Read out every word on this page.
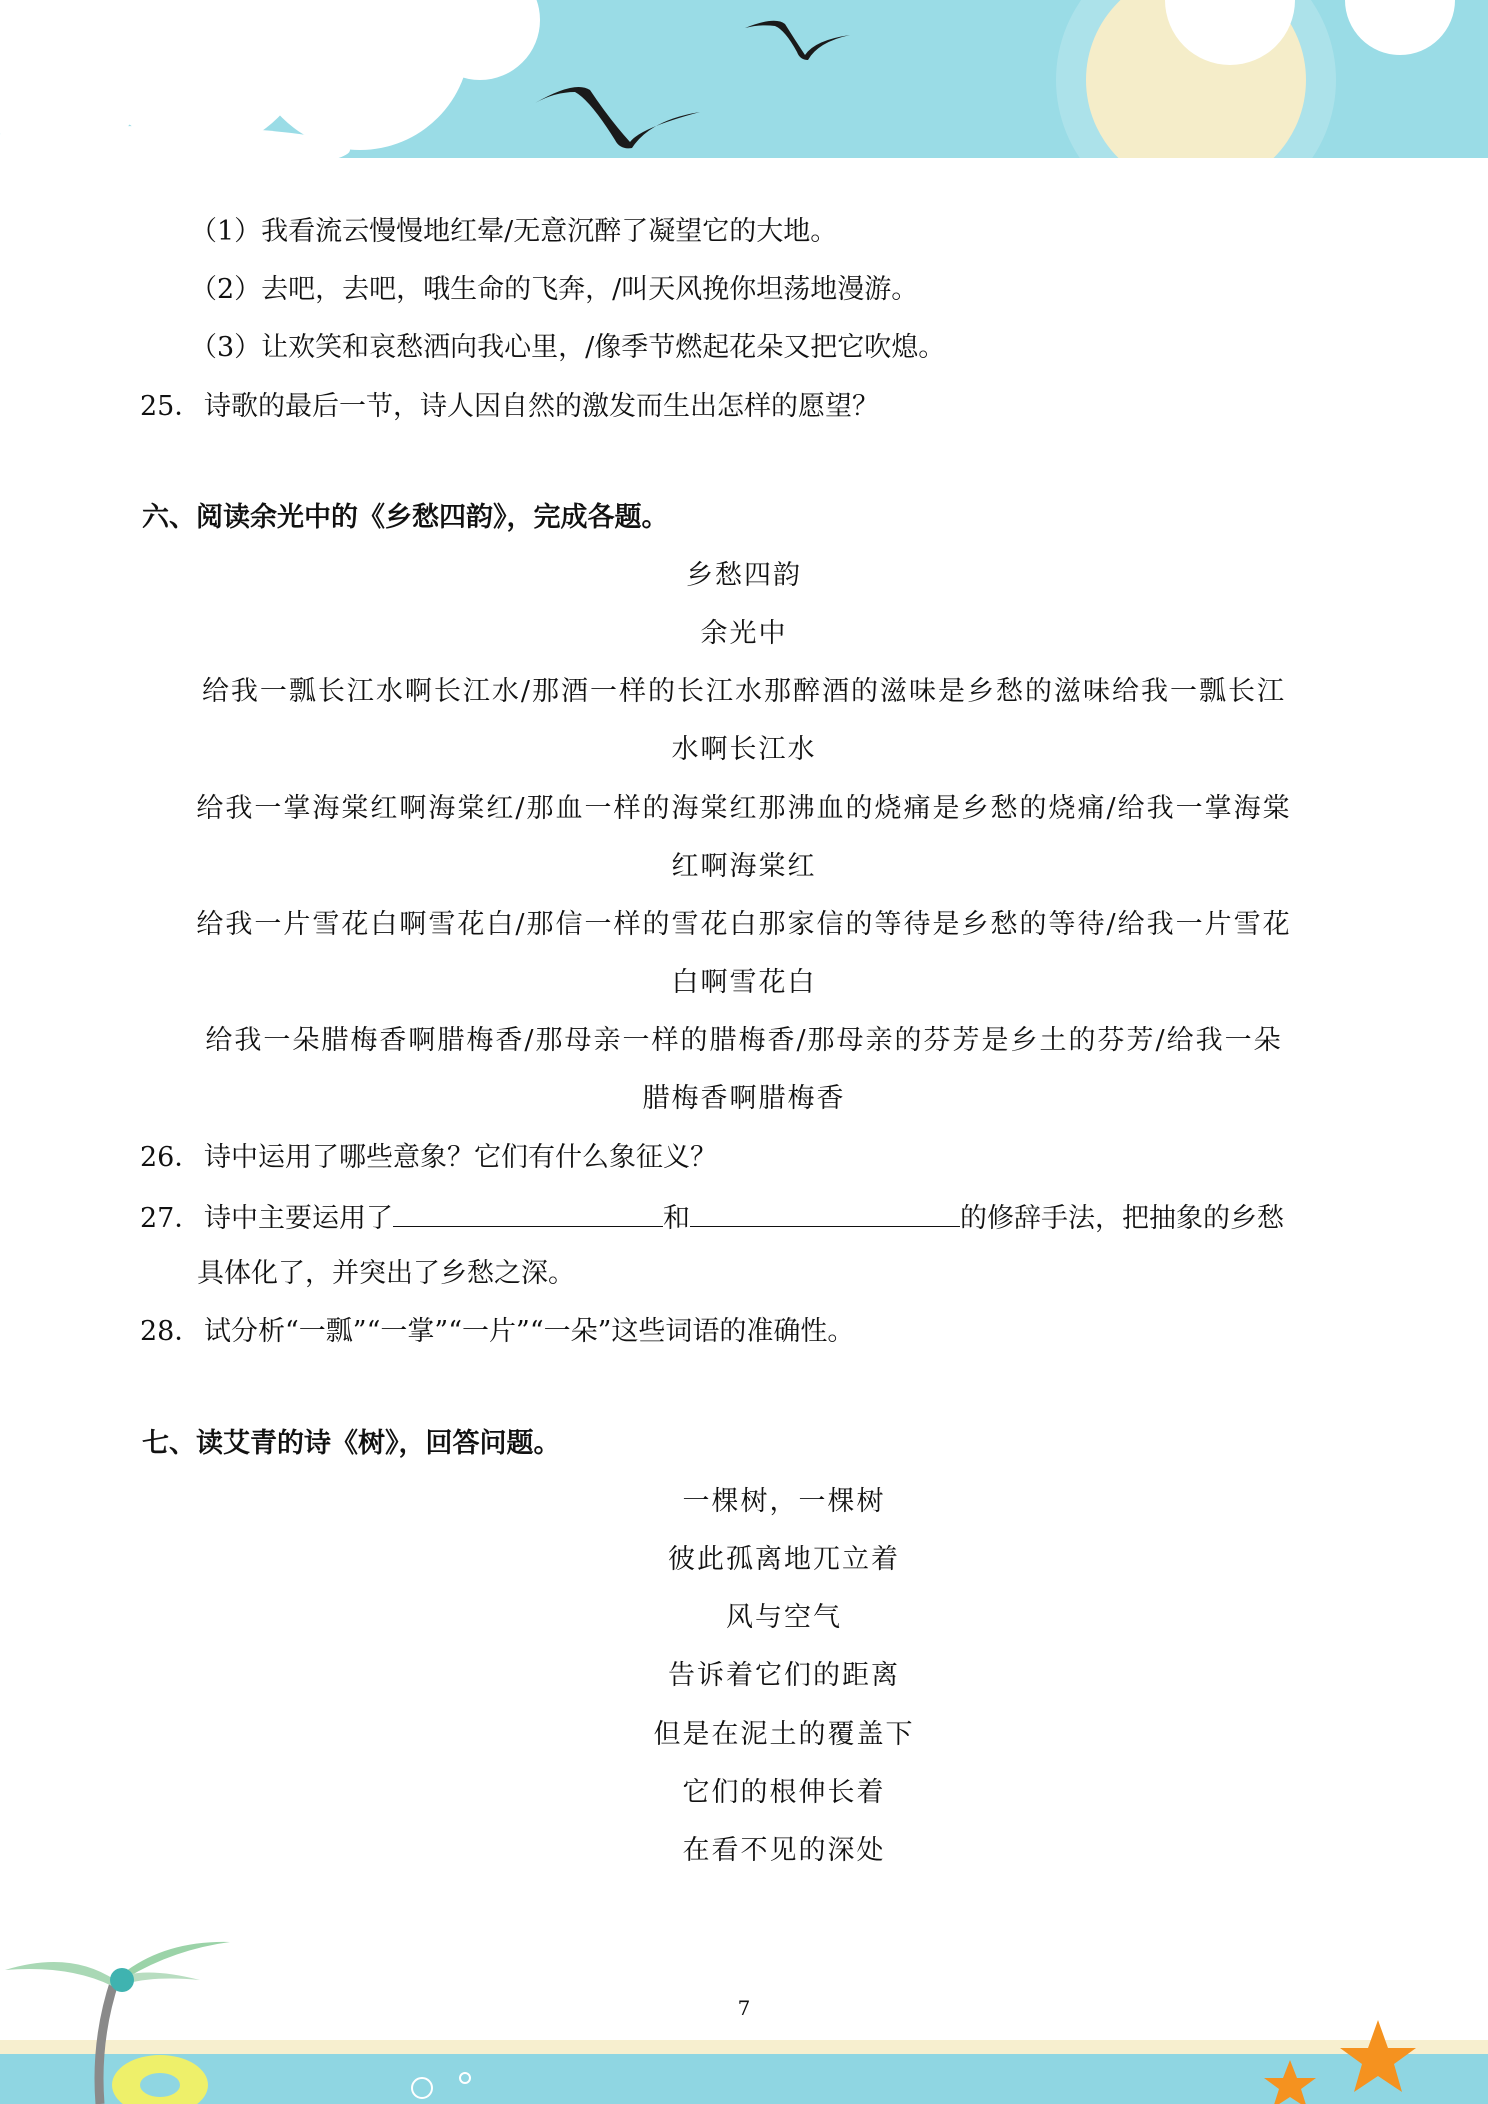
（1）我看流云慢慢地红晕/无意沉醉了凝望它的大地。
（2）去吧，去吧，哦生命的飞奔，/叫天风挽你坦荡地漫游。
（3）让欢笑和哀愁洒向我心里，/像季节燃起花朵又把它吹熄。
25．诗歌的最后一节，诗人因自然的激发而生出怎样的愿望？
六、阅读余光中的《乡愁四韵》，完成各题。
乡愁四韵
余光中
给我一瓢长江水啊长江水/那酒一样的长江水那醉酒的滋味是乡愁的滋味给我一瓢长江
水啊长江水
给我一掌海棠红啊海棠红/那血一样的海棠红那沸血的烧痛是乡愁的烧痛/给我一掌海棠
红啊海棠红
给我一片雪花白啊雪花白/那信一样的雪花白那家信的等待是乡愁的等待/给我一片雪花
白啊雪花白
给我一朵腊梅香啊腊梅香/那母亲一样的腊梅香/那母亲的芬芳是乡土的芬芳/给我一朵
腊梅香啊腊梅香
26．诗中运用了哪些意象？它们有什么象征义？
27．诗中主要运用了	和	的修辞手法，把抽象的乡愁
具体化了，并突出了乡愁之深。
28．试分析“一瓢”“一掌”“一片”“一朵”这些词语的准确性。
七、读艾青的诗《树》，回答问题。
一棵树，一棵树
彼此孤离地兀立着
风与空气
告诉着它们的距离
但是在泥土的覆盖下
它们的根伸长着
在看不见的深处
7
